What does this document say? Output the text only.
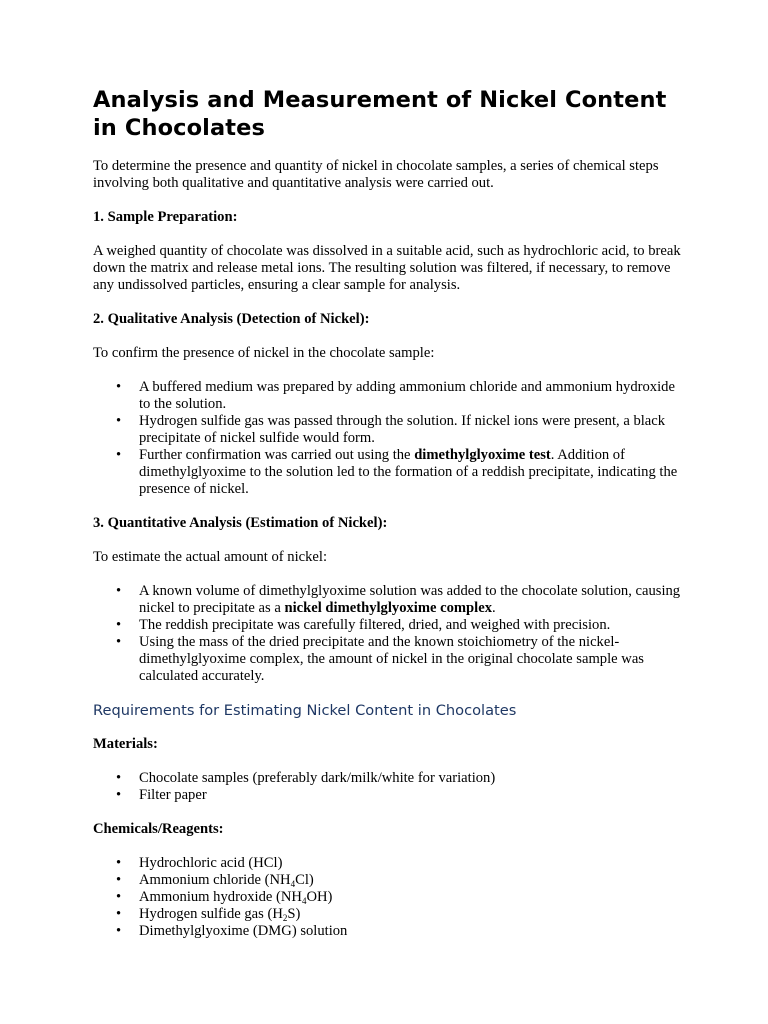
Analysis and Measurement of Nickel Content in Chocolates

To determine the presence and quantity of nickel in chocolate samples, a series of chemical steps involving both qualitative and quantitative analysis were carried out.

1. Sample Preparation:

A weighed quantity of chocolate was dissolved in a suitable acid, such as hydrochloric acid, to break down the matrix and release metal ions. The resulting solution was filtered, if necessary, to remove any undissolved particles, ensuring a clear sample for analysis.

2. Qualitative Analysis (Detection of Nickel):

To confirm the presence of nickel in the chocolate sample:

• A buffered medium was prepared by adding ammonium chloride and ammonium hydroxide to the solution.
• Hydrogen sulfide gas was passed through the solution. If nickel ions were present, a black precipitate of nickel sulfide would form.
• Further confirmation was carried out using the dimethylglyoxime test. Addition of dimethylglyoxime to the solution led to the formation of a reddish precipitate, indicating the presence of nickel.

3. Quantitative Analysis (Estimation of Nickel):

To estimate the actual amount of nickel:

• A known volume of dimethylglyoxime solution was added to the chocolate solution, causing nickel to precipitate as a nickel dimethylglyoxime complex.
• The reddish precipitate was carefully filtered, dried, and weighed with precision.
• Using the mass of the dried precipitate and the known stoichiometry of the nickel-dimethylglyoxime complex, the amount of nickel in the original chocolate sample was calculated accurately.
Requirements for Estimating Nickel Content in Chocolates

Materials:

• Chocolate samples (preferably dark/milk/white for variation)
• Filter paper

Chemicals/Reagents:

• Hydrochloric acid (HCl)
• Ammonium chloride $(NH_4Cl)$
• Ammonium hydroxide $(NH_4OH)$
• Hydrogen sulfide gas $(H_2S)$
• Dimethylglyoxime (DMG) solution
